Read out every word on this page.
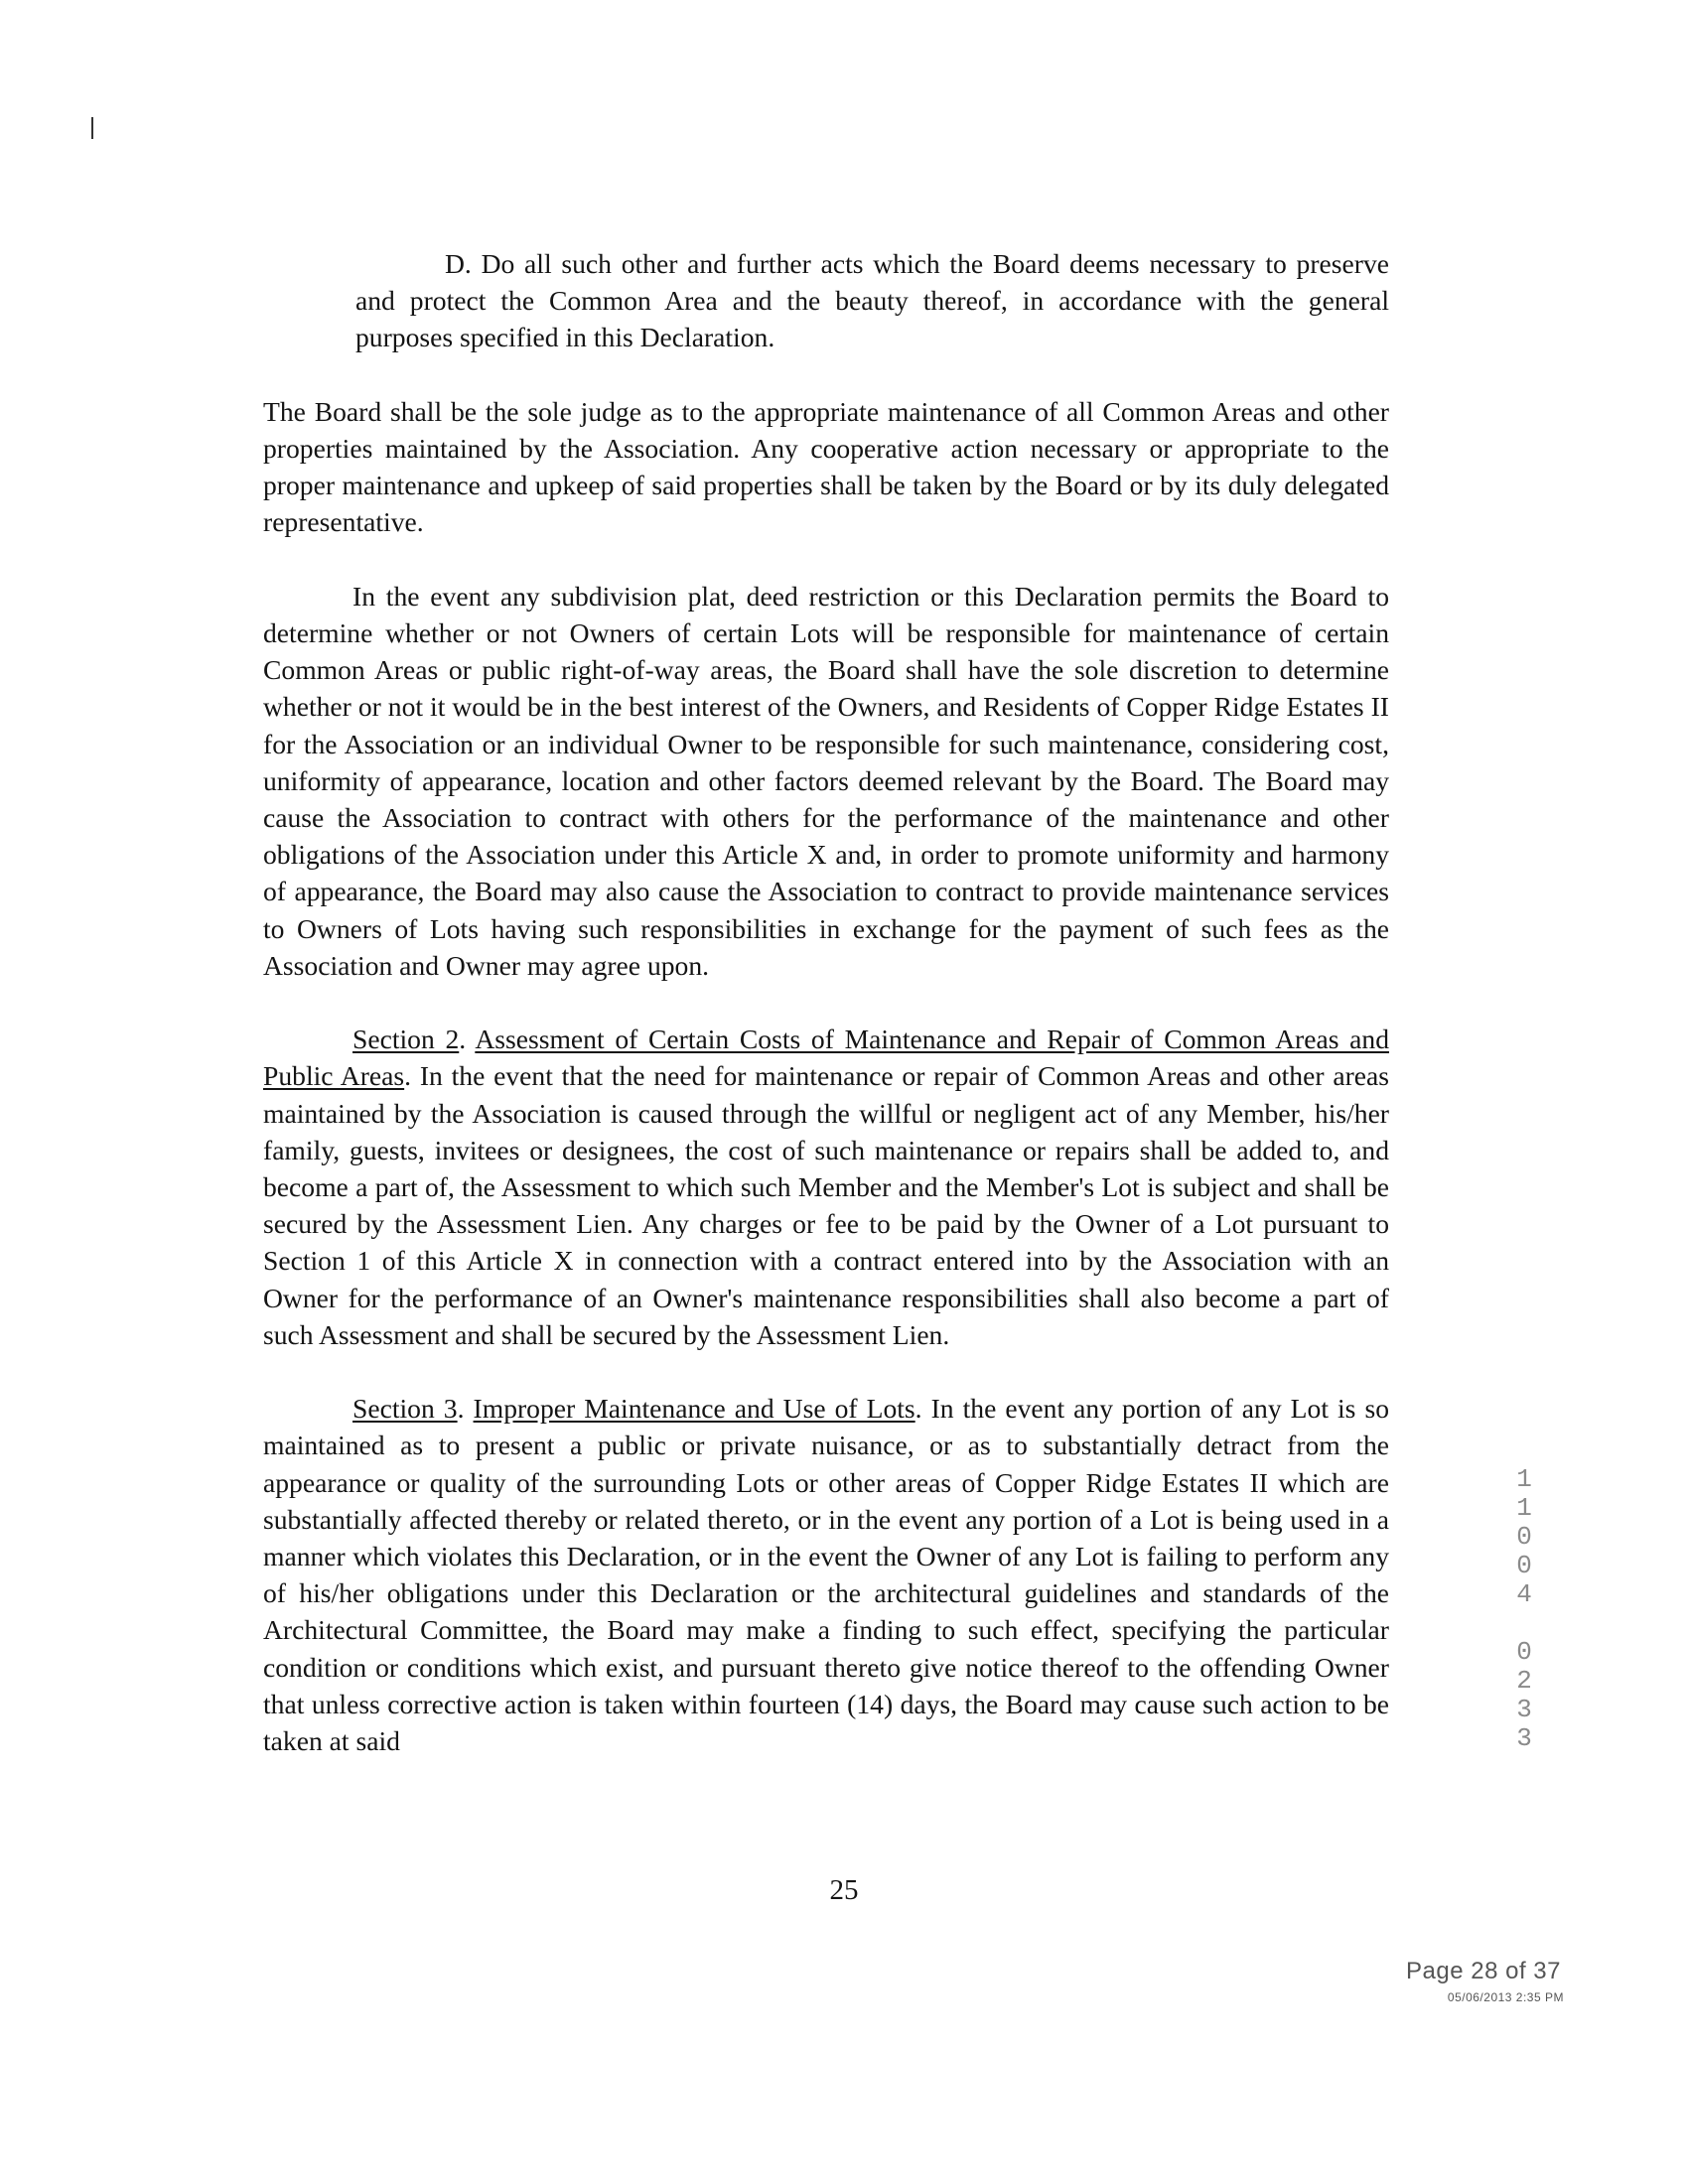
D. Do all such other and further acts which the Board deems necessary to preserve and protect the Common Area and the beauty thereof, in accordance with the general purposes specified in this Declaration.

The Board shall be the sole judge as to the appropriate maintenance of all Common Areas and other properties maintained by the Association. Any cooperative action necessary or appropriate to the proper maintenance and upkeep of said properties shall be taken by the Board or by its duly delegated representative.

In the event any subdivision plat, deed restriction or this Declaration permits the Board to determine whether or not Owners of certain Lots will be responsible for maintenance of certain Common Areas or public right-of-way areas, the Board shall have the sole discretion to determine whether or not it would be in the best interest of the Owners, and Residents of Copper Ridge Estates II for the Association or an individual Owner to be responsible for such maintenance, considering cost, uniformity of appearance, location and other factors deemed relevant by the Board. The Board may cause the Association to contract with others for the performance of the maintenance and other obligations of the Association under this Article X and, in order to promote uniformity and harmony of appearance, the Board may also cause the Association to contract to provide maintenance services to Owners of Lots having such responsibilities in exchange for the payment of such fees as the Association and Owner may agree upon.

Section 2. Assessment of Certain Costs of Maintenance and Repair of Common Areas and Public Areas. In the event that the need for maintenance or repair of Common Areas and other areas maintained by the Association is caused through the willful or negligent act of any Member, his/her family, guests, invitees or designees, the cost of such maintenance or repairs shall be added to, and become a part of, the Assessment to which such Member and the Member's Lot is subject and shall be secured by the Assessment Lien. Any charges or fee to be paid by the Owner of a Lot pursuant to Section 1 of this Article X in connection with a contract entered into by the Association with an Owner for the performance of an Owner's maintenance responsibilities shall also become a part of such Assessment and shall be secured by the Assessment Lien.

Section 3. Improper Maintenance and Use of Lots. In the event any portion of any Lot is so maintained as to present a public or private nuisance, or as to substantially detract from the appearance or quality of the surrounding Lots or other areas of Copper Ridge Estates II which are substantially affected thereby or related thereto, or in the event any portion of a Lot is being used in a manner which violates this Declaration, or in the event the Owner of any Lot is failing to perform any of his/her obligations under this Declaration or the architectural guidelines and standards of the Architectural Committee, the Board may make a finding to such effect, specifying the particular condition or conditions which exist, and pursuant thereto give notice thereof to the offending Owner that unless corrective action is taken within fourteen (14) days, the Board may cause such action to be taken at said

25
1
1
0
0
4
0
2
3
3
Page 28 of 37
05/06/2013 2:35 PM
